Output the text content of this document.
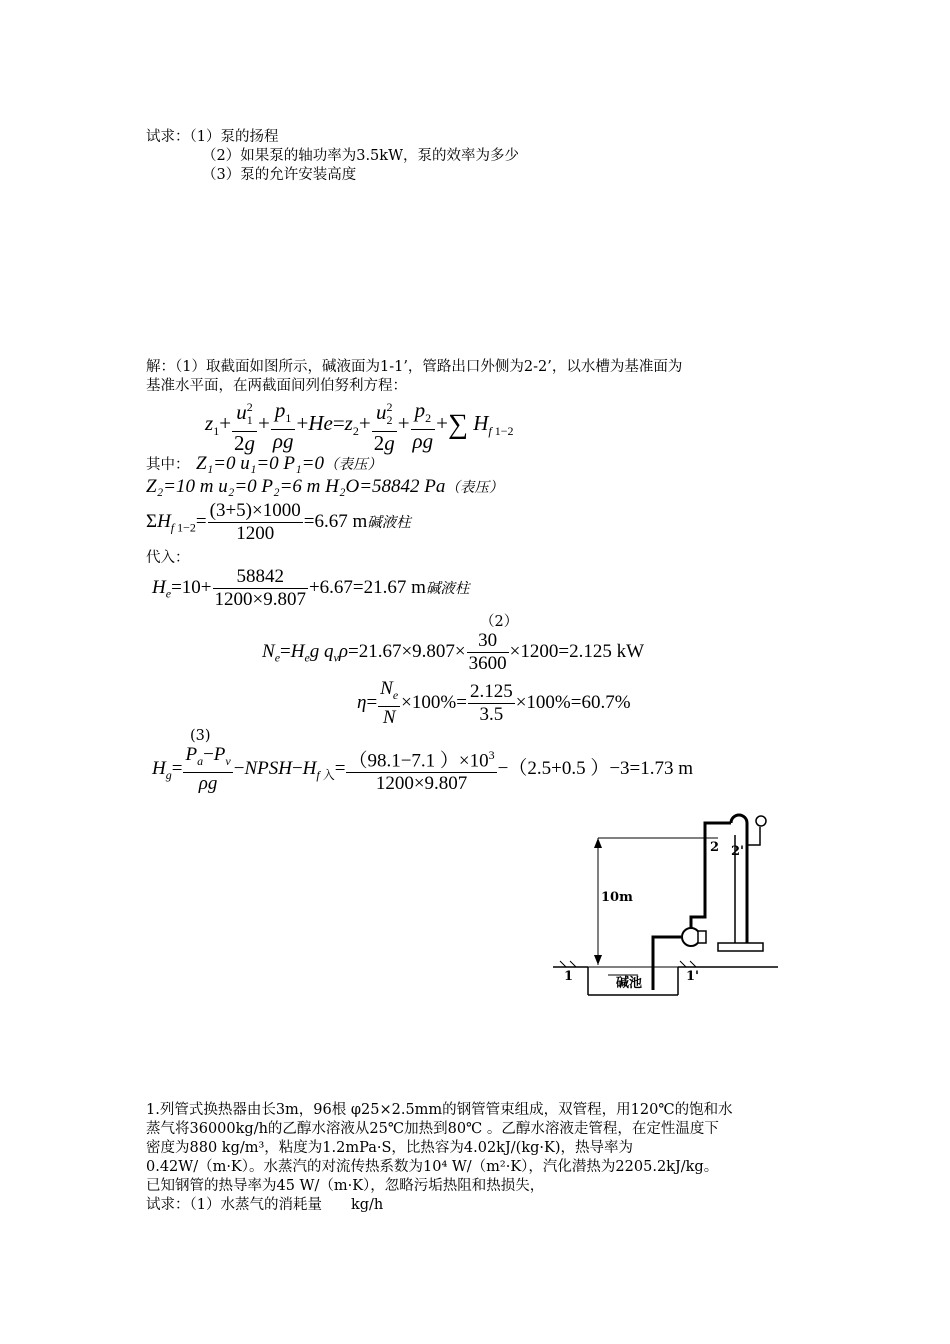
试求：（1）泵的扬程
（2）如果泵的轴功率为3.5kW，泵的效率为多少
（3）泵的允许安装高度
解：（1）取截面如图所示，碱液面为1-1’，管路出口外侧为2-2’，以水槽为基准面为
基准水平面，在两截面间列伯努利方程：
$z_1+ \frac{u_1^2}{2g} + \frac{p_1}{\rho g} +He=z_2+ \frac{u_2^2}{2g} + \frac{p_2}{\rho g}$ +∑ $H_{f 1-2}$
其中： Z₁=0 u₁=0 P₁=0（表压）
Z₂=10 m u₂=0 P₂=6 m H₂O=58842 Pa（表压）
$\Sigma H_{f 1-2}= \frac{(3+5)\times 1000}{1200} =6.67$ m碱液柱
代入：
$H_e=10+ \frac{58842}{1200\times 9.807} +6.67=21.67$ m碱液柱
（2）
$N_e=H_eg$ $q_v\rho=21.67\times 9.807\times \frac{30}{3600} \times 1200=2.125$ kW
$\eta= \frac{N_e}{N} \times 100\%= \frac{2.125}{3.5} \times 100\%=60.7\%$
(3)
$H_g= \frac{P_a-P_v}{\rho g}$ $-NPSH-H_{f 入}= \frac{(98.1-7.1 )\times 10^3}{1200\times 9.807} -(2.5+0.5$ ）−3=1.73 m
10m
1	1'
碱池
2 2'
1.列管式换热器由长3m，96根 φ25×2.5mm的钢管管束组成，双管程，用120℃的饱和水
蒸气将36000kg/h的乙醇水溶液从25℃加热到80℃ 。乙醇水溶液走管程，在定性温度下
密度为880 kg/m³，粘度为1.2mPa·S，比热容为4.02kJ/(kg·K)，热导率为
0.42W/（m·K）。水蒸汽的对流传热系数为10⁴ W/（m²·K），汽化潜热为2205.2kJ/kg。
已知钢管的热导率为45 W/（m·K），忽略污垢热阻和热损失，
试求：（1）水蒸气的消耗量　　kg/h
